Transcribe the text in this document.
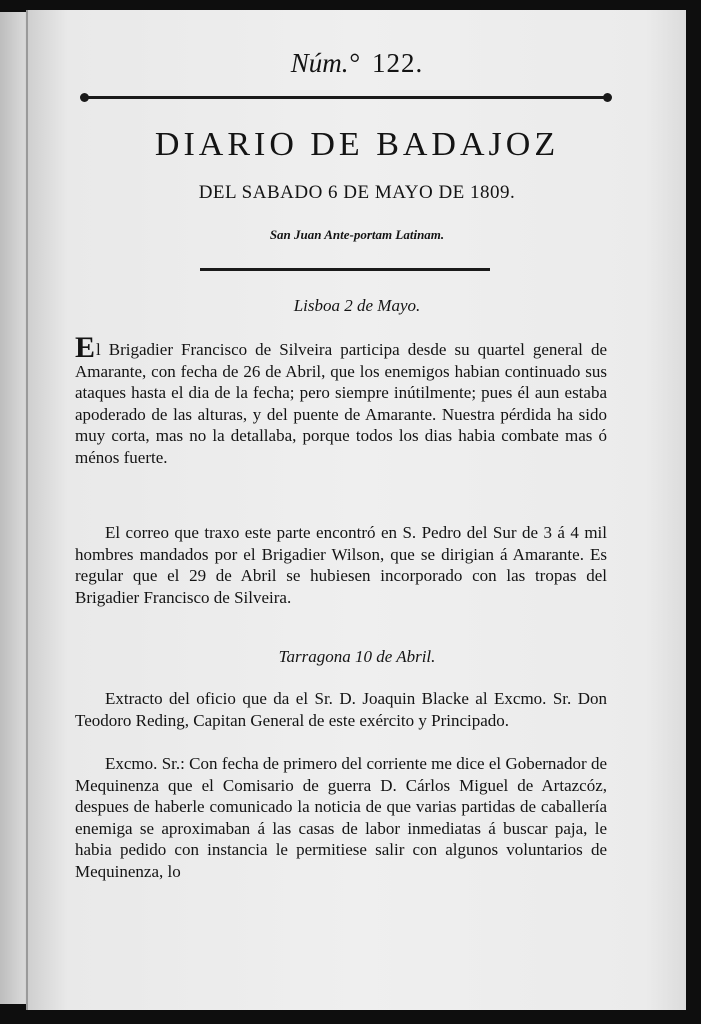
Núm.° 122.
DIARIO DE BADAJOZ
DEL SABADO 6 DE MAYO DE 1809.
San Juan Ante-portam Latinam.
Lisboa 2 de Mayo.

El Brigadier Francisco de Silveira participa desde su quartel general de Amarante, con fecha de 26 de Abril, que los enemigos habian continuado sus ataques hasta el dia de la fecha; pero siempre inútilmente; pues él aun estaba apoderado de las alturas, y del puente de Amarante. Nuestra pérdida ha sido muy corta, mas no la detallaba, porque todos los dias habia combate mas ó ménos fuerte.

El correo que traxo este parte encontró en S. Pedro del Sur de 3 á 4 mil hombres mandados por el Brigadier Wilson, que se dirigian á Amarante. Es regular que el 29 de Abril se hubiesen incorporado con las tropas del Brigadier Francisco de Silveira.

Tarragona 10 de Abril.

Extracto del oficio que da el Sr. D. Joaquin Blacke al Excmo. Sr. Don Teodoro Reding, Capitan General de este exército y Principado.

Excmo. Sr.: Con fecha de primero del corriente me dice el Gobernador de Mequinenza que el Comisario de guerra D. Cárlos Miguel de Artazcóz, despues de haberle comunicado la noticia de que varias partidas de caballería enemiga se aproximaban á las casas de labor inmediatas á buscar paja, le habia pedido con instancia le permitiese salir con algunos voluntarios de Mequinenza, lo
